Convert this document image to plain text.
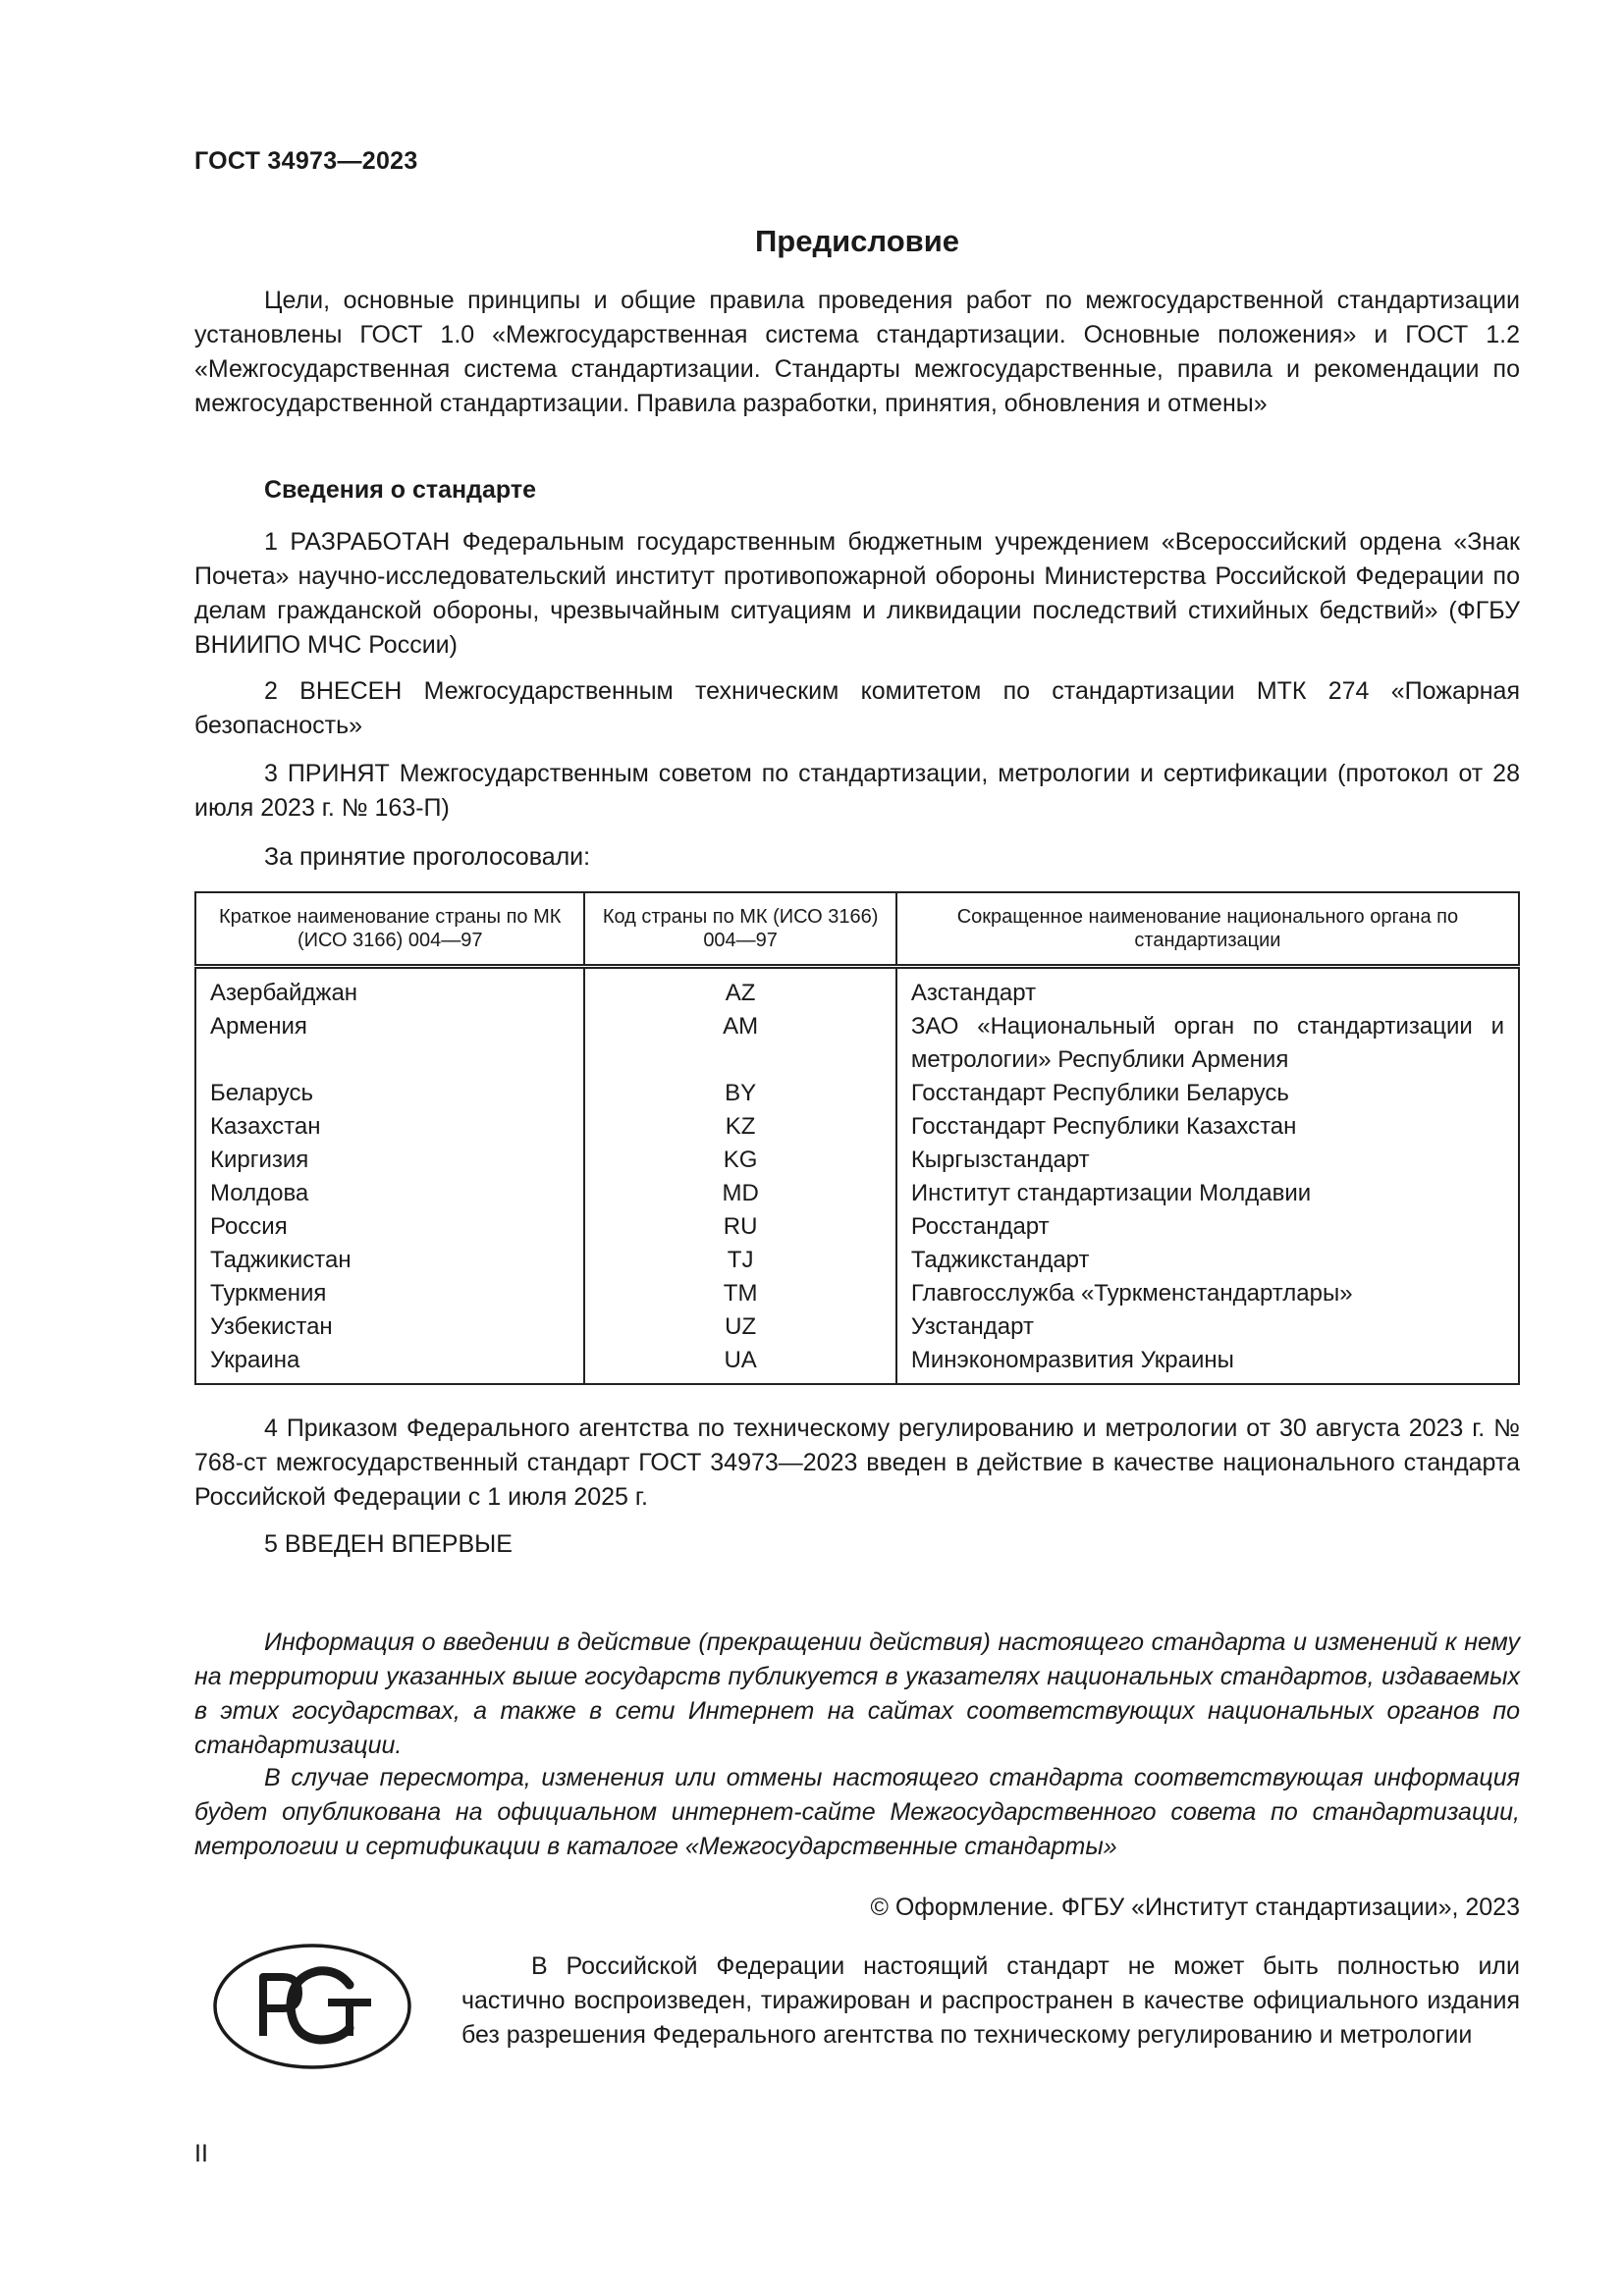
ГОСТ 34973—2023
Предисловие
Цели, основные принципы и общие правила проведения работ по межгосударственной стандартизации установлены ГОСТ 1.0 «Межгосударственная система стандартизации. Основные положения» и ГОСТ 1.2 «Межгосударственная система стандартизации. Стандарты межгосударственные, правила и рекомендации по межгосударственной стандартизации. Правила разработки, принятия, обновления и отмены»
Сведения о стандарте
1 РАЗРАБОТАН Федеральным государственным бюджетным учреждением «Всероссийский ордена «Знак Почета» научно-исследовательский институт противопожарной обороны Министерства Российской Федерации по делам гражданской обороны, чрезвычайным ситуациям и ликвидации последствий стихийных бедствий» (ФГБУ ВНИИПО МЧС России)
2 ВНЕСЕН Межгосударственным техническим комитетом по стандартизации МТК 274 «Пожарная безопасность»
3 ПРИНЯТ Межгосударственным советом по стандартизации, метрологии и сертификации (протокол от 28 июля 2023 г. № 163-П)
За принятие проголосовали:
Краткое наименование страны по МК (ИСО 3166) 004—97	Код страны по МК (ИСО 3166) 004—97	Сокращенное наименование национального органа по стандартизации
Азербайджан	AZ	Азстандарт
Армения	AM	ЗАО «Национальный орган по стандартизации и метрологии» Республики Армения
Беларусь	BY	Госстандарт Республики Беларусь
Казахстан	KZ	Госстандарт Республики Казахстан
Киргизия	KG	Кыргызстандарт
Молдова	MD	Институт стандартизации Молдавии
Россия	RU	Росстандарт
Таджикистан	TJ	Таджикстандарт
Туркмения	TM	Главгосслужба «Туркменстандартлары»
Узбекистан	UZ	Узстандарт
Украина	UA	Минэкономразвития Украины
4 Приказом Федерального агентства по техническому регулированию и метрологии от 30 августа 2023 г. № 768-ст межгосударственный стандарт ГОСТ 34973—2023 введен в действие в качестве национального стандарта Российской Федерации с 1 июля 2025 г.
5 ВВЕДЕН ВПЕРВЫЕ
Информация о введении в действие (прекращении действия) настоящего стандарта и изменений к нему на территории указанных выше государств публикуется в указателях национальных стандартов, издаваемых в этих государствах, а также в сети Интернет на сайтах соответствующих национальных органов по стандартизации.
В случае пересмотра, изменения или отмены настоящего стандарта соответствующая информация будет опубликована на официальном интернет-сайте Межгосударственного совета по стандартизации, метрологии и сертификации в каталоге «Межгосударственные стандарты»
© Оформление. ФГБУ «Институт стандартизации», 2023
В Российской Федерации настоящий стандарт не может быть полностью или частично воспроизведен, тиражирован и распространен в качестве официального издания без разрешения Федерального агентства по техническому регулированию и метрологии
II
